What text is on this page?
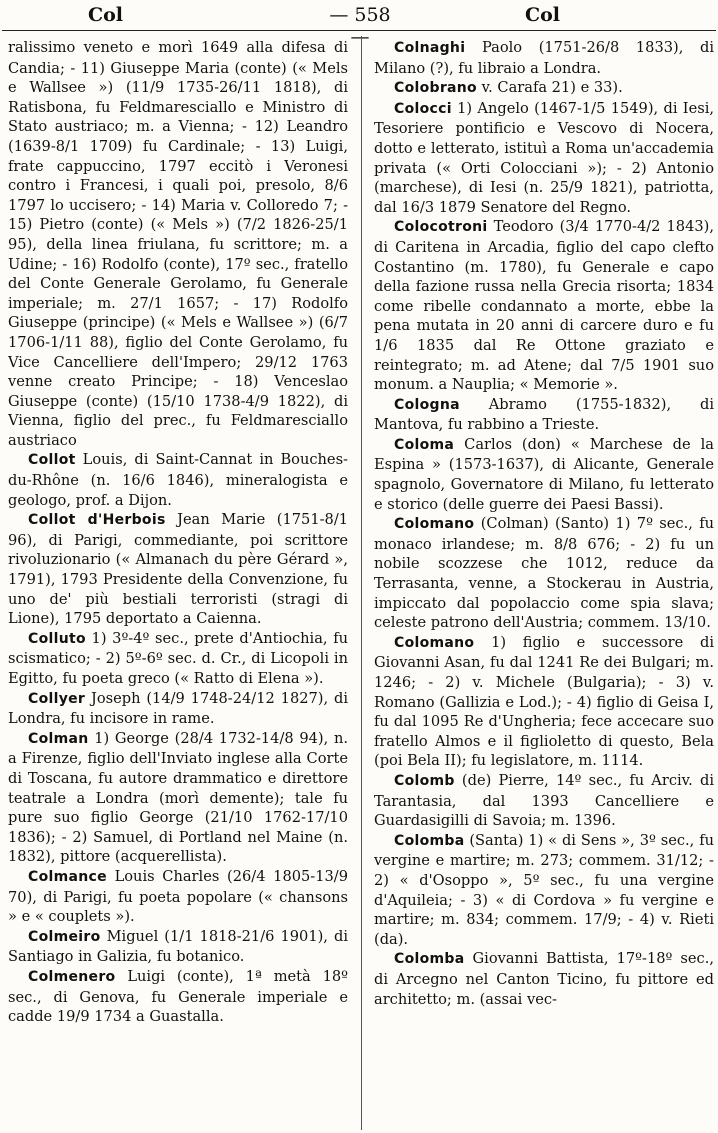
Col	— 558 —
Col

ralissimo veneto e morì 1649 alla difesa di Candia; - 11) Giuseppe Maria (conte) (« Mels e Wallsee ») (11/9 1735-26/11 1818), di Ratisbona, fu Feldmaresciallo e Ministro di Stato austriaco; m. a Vienna; - 12) Leandro (1639-8/1 1709) fu Cardinale; - 13) Luigi, frate cappuccino, 1797 eccitò i Veronesi contro i Francesi, i quali poi, presolo, 8/6 1797 lo uccisero; - 14) Maria v. Colloredo 7; - 15) Pietro (conte) (« Mels ») (7/2 1826-25/1 95), della linea friulana, fu scrittore; m. a Udine; - 16) Rodolfo (conte), 17º sec., fratello del Conte Generale Gerolamo, fu Generale imperiale; m. 27/1 1657; - 17) Rodolfo Giuseppe (principe) (« Mels e Wallsee ») (6/7 1706-1/11 88), figlio del Conte Gerolamo, fu Vice Cancelliere dell'Impero; 29/12 1763 venne creato Principe; - 18) Venceslao Giuseppe (conte) (15/10 1738-4/9 1822), di Vienna, figlio del prec., fu Feldmaresciallo austriaco

Collot Louis, di Saint-Cannat in Bouches-du-Rhône (n. 16/6 1846), mineralogista e geologo, prof. a Dijon.

Collot d'Herbois Jean Marie (1751-8/1 96), di Parigi, commediante, poi scrittore rivoluzionario (« Almanach du père Gérard », 1791), 1793 Presidente della Convenzione, fu uno de' più bestiali terroristi (stragi di Lione), 1795 deportato a Caienna.

Colluto 1) 3º-4º sec., prete d'Antiochia, fu scismatico; - 2) 5º-6º sec. d. Cr., di Licopoli in Egitto, fu poeta greco (« Ratto di Elena »).

Collyer Joseph (14/9 1748-24/12 1827), di Londra, fu incisore in rame.

Colman 1) George (28/4 1732-14/8 94), n. a Firenze, figlio dell'Inviato inglese alla Corte di Toscana, fu autore drammatico e direttore teatrale a Londra (morì demente); tale fu pure suo figlio George (21/10 1762-17/10 1836); - 2) Samuel, di Portland nel Maine (n. 1832), pittore (acquerellista).

Colmance Louis Charles (26/4 1805-13/9 70), di Parigi, fu poeta popolare (« chansons » e « couplets »).

Colmeiro Miguel (1/1 1818-21/6 1901), di Santiago in Galizia, fu botanico.

Colmenero Luigi (conte), 1ª metà 18º sec., di Genova, fu Generale imperiale e cadde 19/9 1734 a Guastalla.

Colnaghi Paolo (1751-26/8 1833), di Milano (?), fu libraio a Londra.

Colobrano v. Carafa 21) e 33).

Colocci 1) Angelo (1467-1/5 1549), di Iesi, Tesoriere pontificio e Vescovo di Nocera, dotto e letterato, istituì a Roma un'accademia privata (« Orti Colocciani »); - 2) Antonio (marchese), di Iesi (n. 25/9 1821), patriotta, dal 16/3 1879 Senatore del Regno.

Colocotroni Teodoro (3/4 1770-4/2 1843), di Caritena in Arcadia, figlio del capo clefto Costantino (m. 1780), fu Generale e capo della fazione russa nella Grecia risorta; 1834 come ribelle condannato a morte, ebbe la pena mutata in 20 anni di carcere duro e fu 1/6 1835 dal Re Ottone graziato e reintegrato; m. ad Atene; dal 7/5 1901 suo monum. a Nauplia; « Memorie ».

Cologna Abramo (1755-1832), di Mantova, fu rabbino a Trieste.

Coloma Carlos (don) « Marchese de la Espina » (1573-1637), di Alicante, Generale spagnolo, Governatore di Milano, fu letterato e storico (delle guerre dei Paesi Bassi).

Colomano (Colman) (Santo) 1) 7º sec., fu monaco irlandese; m. 8/8 676; - 2) fu un nobile scozzese che 1012, reduce da Terrasanta, venne, a Stockerau in Austria, impiccato dal popolaccio come spia slava; celeste patrono dell'Austria; commem. 13/10.

Colomano 1) figlio e successore di Giovanni Asan, fu dal 1241 Re dei Bulgari; m. 1246; - 2) v. Michele (Bulgaria); - 3) v. Romano (Gallizia e Lod.); - 4) figlio di Geisa I, fu dal 1095 Re d'Ungheria; fece accecare suo fratello Almos e il figlioletto di questo, Bela (poi Bela II); fu legislatore, m. 1114.

Colomb (de) Pierre, 14º sec., fu Arciv. di Tarantasia, dal 1393 Cancelliere e Guardasigilli di Savoia; m. 1396.

Colomba (Santa) 1) « di Sens », 3º sec., fu vergine e martire; m. 273; commem. 31/12; - 2) « d'Osoppo », 5º sec., fu una vergine d'Aquileia; - 3) « di Cordova » fu vergine e martire; m. 834; commem. 17/9; - 4) v. Rieti (da).

Colomba Giovanni Battista, 17º-18º sec., di Arcegno nel Canton Ticino, fu pittore ed architetto; m. (assai vec-
